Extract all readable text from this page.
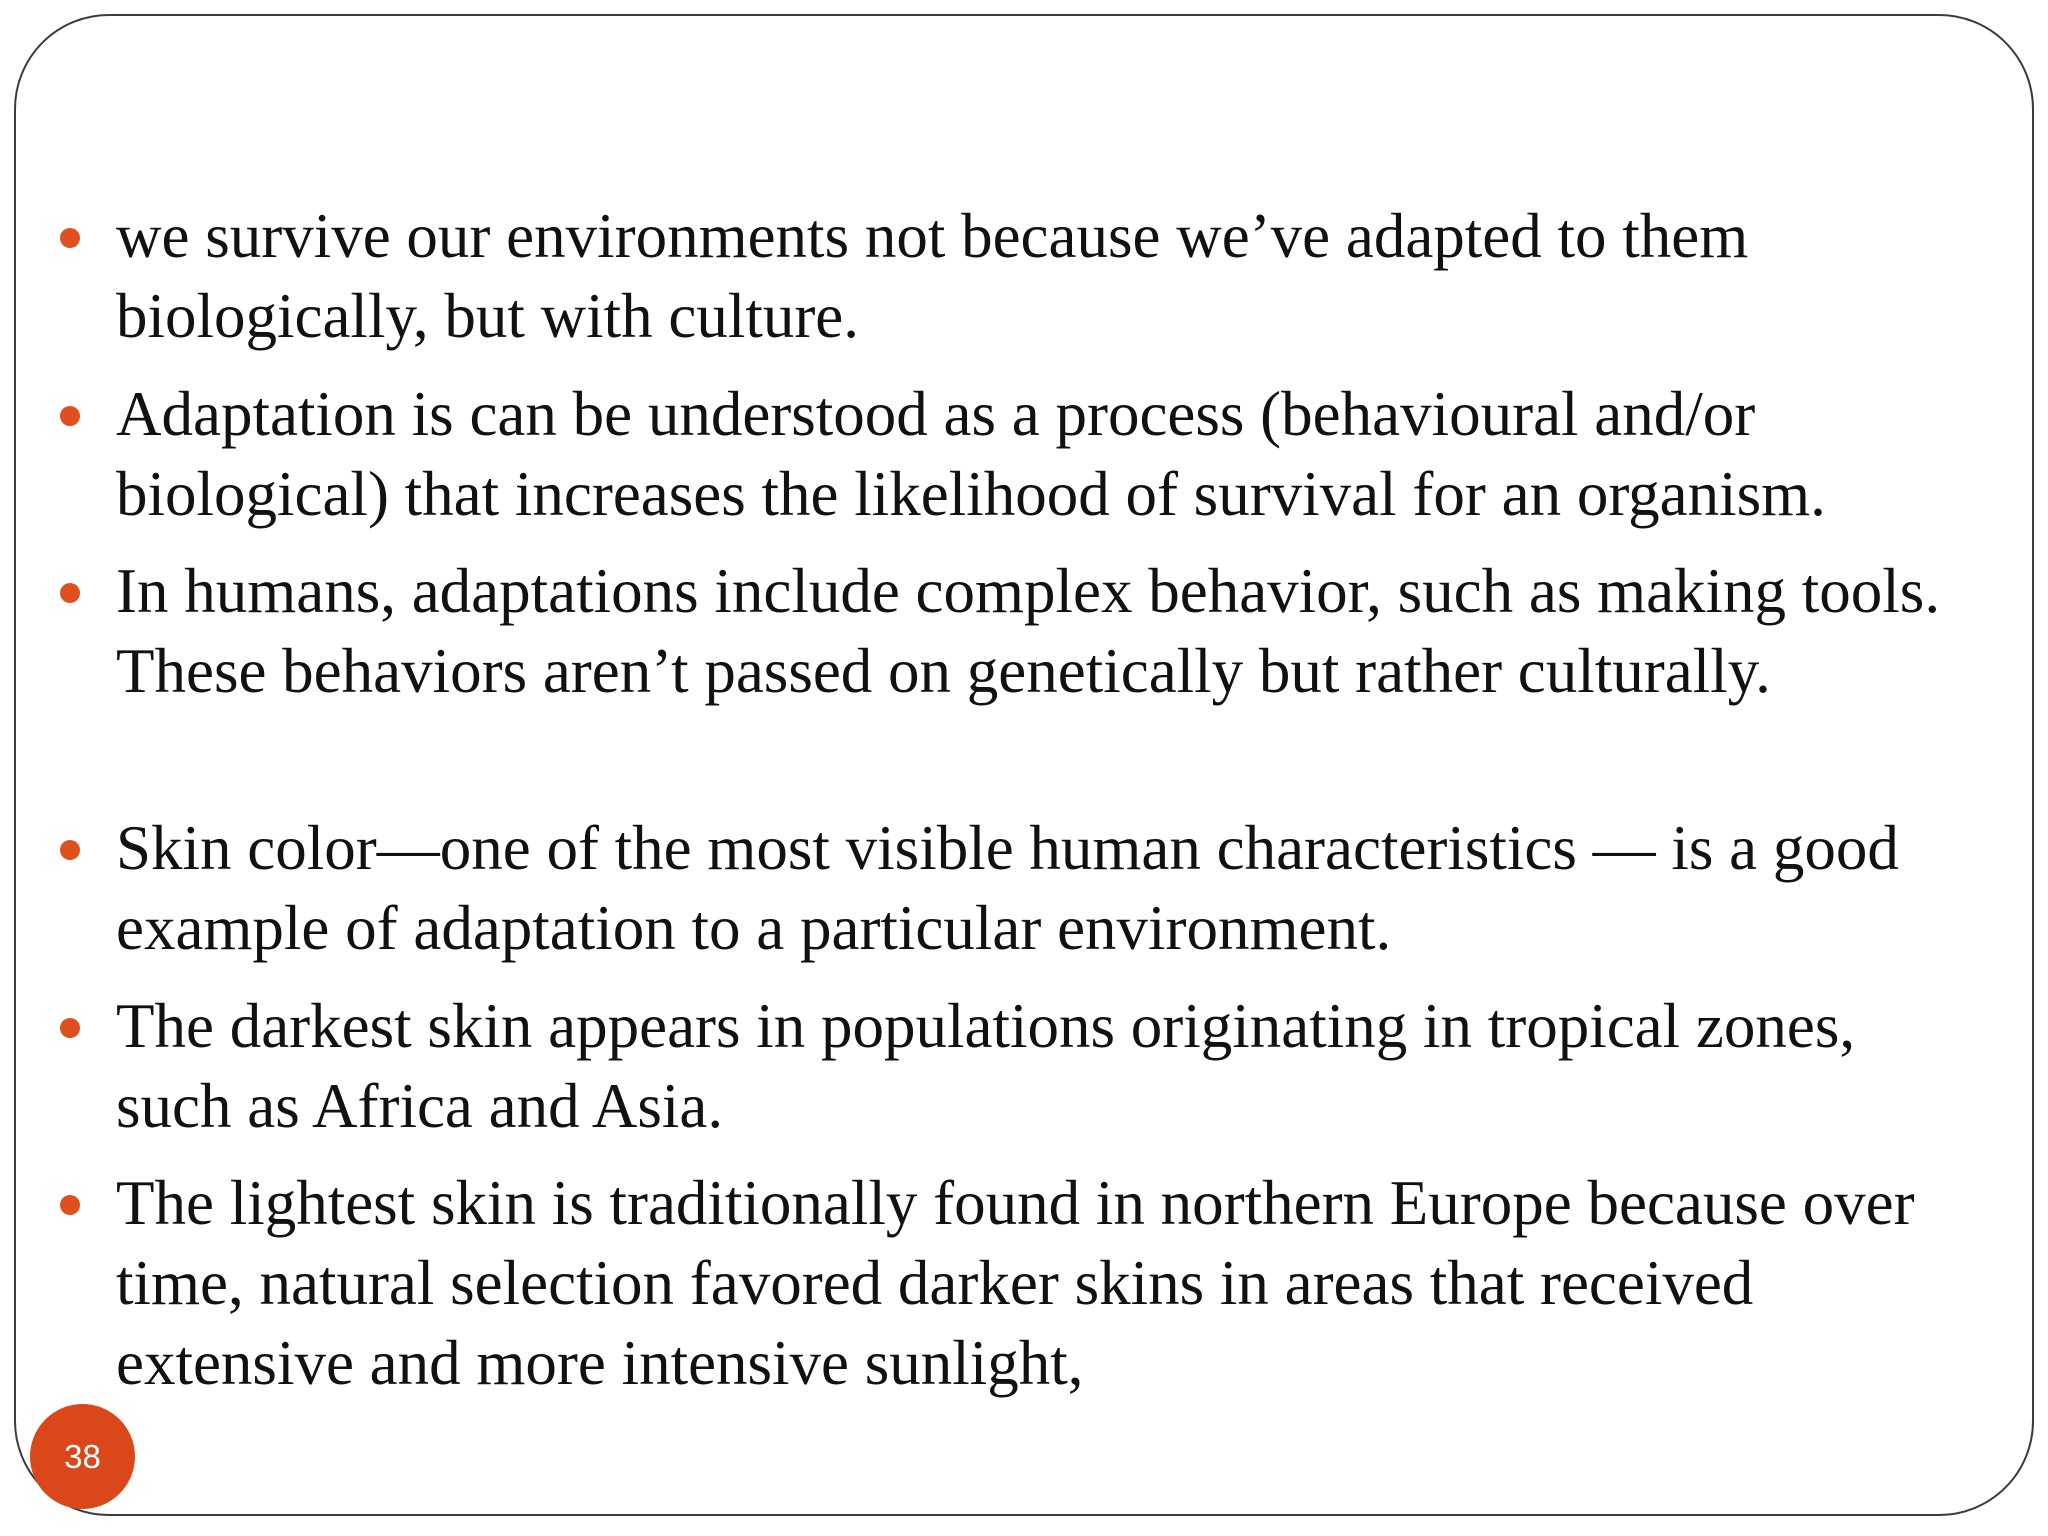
we survive our environments not because we’ve adapted to them biologically, but with culture.
Adaptation is can be understood as a process (behavioural and/or biological) that increases the likelihood of survival for an organism.
In humans, adaptations include complex behavior, such as making tools. These behaviors aren’t passed on genetically but rather culturally.
Skin color—one of the most visible human characteristics — is a good example of adaptation to a particular environment.
The darkest skin appears in populations originating in tropical zones, such as Africa and Asia.
The lightest skin is traditionally found in northern Europe because over time, natural selection favored darker skins in areas that received extensive and more intensive sunlight,
38
